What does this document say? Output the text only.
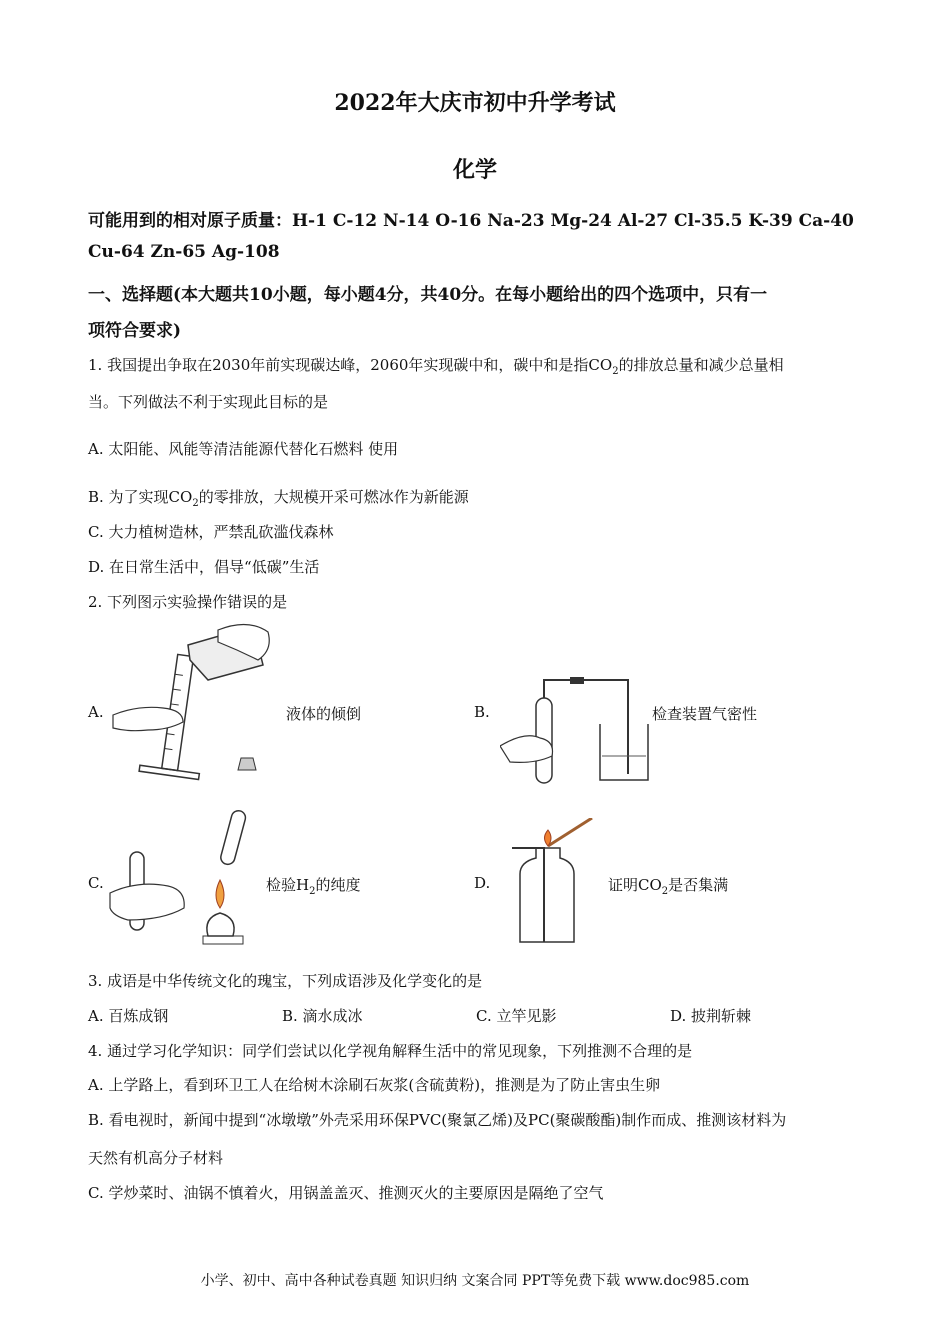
2022年大庆市初中升学考试
化学
可能用到的相对原子质量：H-1 C-12 N-14 O-16 Na-23 Mg-24 Al-27 Cl-35.5 K-39 Ca-40
Cu-64 Zn-65 Ag-108
一、选择题(本大题共10小题，每小题4分，共40分。在每小题给出的四个选项中，只有一
项符合要求)
1. 我国提出争取在2030年前实现碳达峰，2060年实现碳中和，碳中和是指$CO_2$的排放总量和减少总量相
当。下列做法不利于实现此目标的是
A. 太阳能、风能等清洁能源代替化石燃料 使用
B. 为了实现$CO_2$的零排放，大规模开采可燃冰作为新能源
C. 大力植树造林，严禁乱砍滥伐森林
D. 在日常生活中，倡导“低碳”生活
2. 下列图示实验操作错误的是
A.	液体的倾倒	B.	检查装置气密性
C.	检验$H_2$的纯度	D.	证明$CO_2$是否集满
3. 成语是中华传统文化的瑰宝，下列成语涉及化学变化的是
A. 百炼成钢	B. 滴水成冰	C. 立竿见影	D. 披荆斩棘
4. 通过学习化学知识：同学们尝试以化学视角解释生活中的常见现象，下列推测不合理的是
A. 上学路上，看到环卫工人在给树木涂刷石灰浆(含硫黄粉)，推测是为了防止害虫生卵
B. 看电视时，新闻中提到“冰墩墩”外壳采用环保PVC(聚氯乙烯)及PC(聚碳酸酯)制作而成、推测该材料为
天然有机高分子材料
C. 学炒菜时、油锅不慎着火，用锅盖盖灭、推测灭火的主要原因是隔绝了空气
小学、初中、高中各种试卷真题 知识归纳 文案合同 PPT等免费下载 www.doc985.com
